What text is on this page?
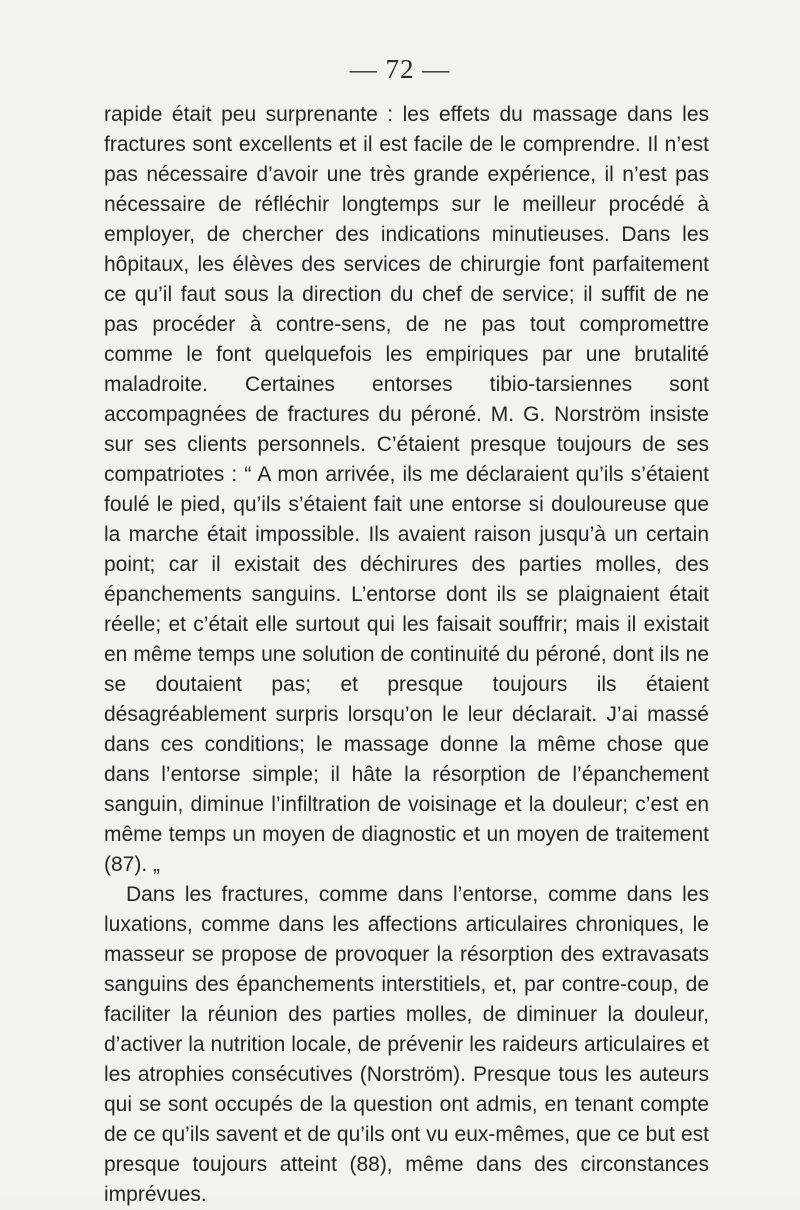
— 72 —

rapide était peu surprenante : les effets du massage dans les fractures sont excellents et il est facile de le comprendre. Il n’est pas nécessaire d’avoir une très grande expérience, il n’est pas nécessaire de réfléchir longtemps sur le meilleur procédé à employer, de chercher des indications minutieuses. Dans les hôpitaux, les élèves des services de chirurgie font parfaitement ce qu’il faut sous la direction du chef de service; il suffit de ne pas procéder à contre-sens, de ne pas tout compromettre comme le font quelquefois les empiriques par une brutalité maladroite. Certaines entorses tibio-tarsiennes sont accompagnées de fractures du péroné. M. G. Norström insiste sur ses clients personnels. C’étaient presque toujours de ses compatriotes : “ A mon arrivée, ils me déclaraient qu’ils s’étaient foulé le pied, qu’ils s’étaient fait une entorse si douloureuse que la marche était impossible. Ils avaient raison jusqu’à un certain point; car il existait des déchirures des parties molles, des épanchements sanguins. L’entorse dont ils se plaignaient était réelle; et c’était elle surtout qui les faisait souffrir; mais il existait en même temps une solution de continuité du péroné, dont ils ne se doutaient pas; et presque toujours ils étaient désagréablement surpris lorsqu’on le leur déclarait. J’ai massé dans ces conditions; le massage donne la même chose que dans l’entorse simple; il hâte la résorption de l’épanchement sanguin, diminue l’infiltration de voisinage et la douleur; c’est en même temps un moyen de diagnostic et un moyen de traitement (87). „

Dans les fractures, comme dans l’entorse, comme dans les luxations, comme dans les affections articulaires chroniques, le masseur se propose de provoquer la résorption des extravasats sanguins des épanchements interstitiels, et, par contre-coup, de faciliter la réunion des parties molles, de diminuer la douleur, d’activer la nutrition locale, de prévenir les raideurs articulaires et les atrophies consécutives (Norström). Presque tous les auteurs qui se sont occupés de la question ont admis, en tenant compte de ce qu’ils savent et de qu’ils ont vu eux-mêmes, que ce but est presque toujours atteint (88), même dans des circonstances imprévues.
